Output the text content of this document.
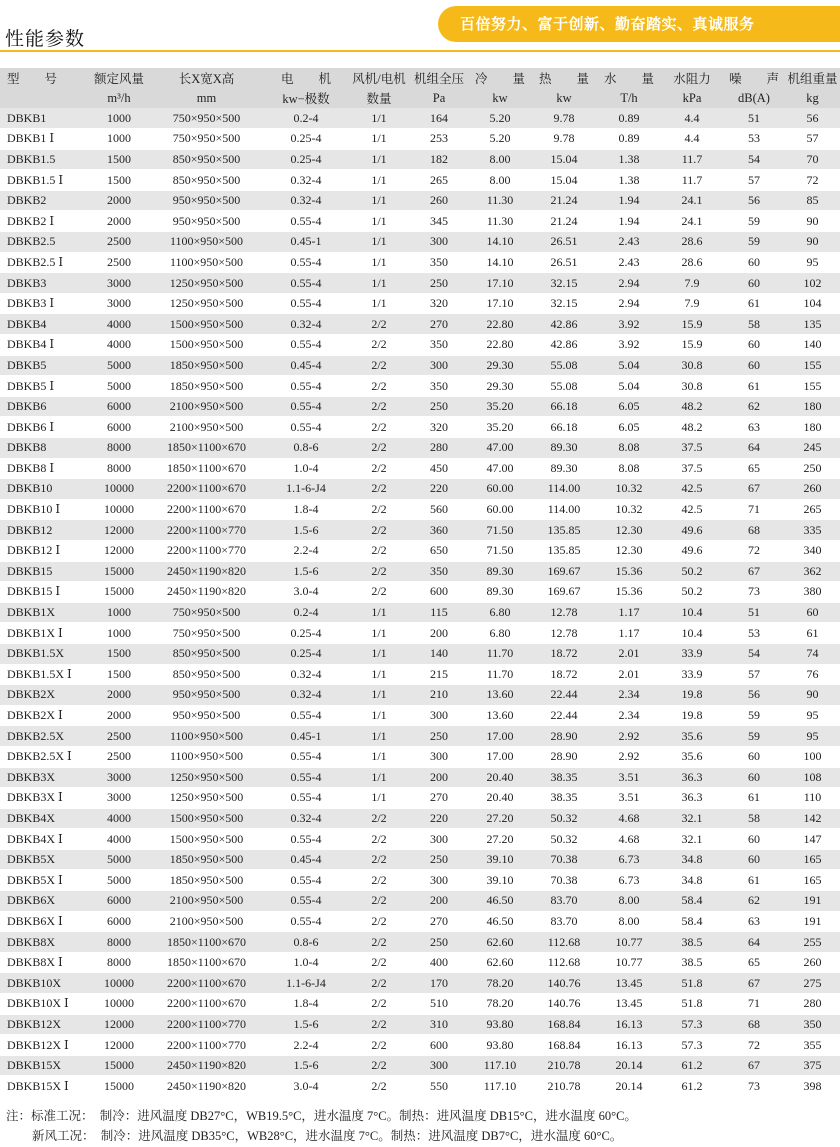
性能参数
百倍努力、富于创新、勤奋踏实、真诚服务
型　　号	额定风量	长X宽X高	电　　机	风机/电机	机组全压	冷　　量	热　　量	水　　量	水阻力	噪　　声	机组重量
	m³/h	mm	kw−极数	数量	Pa	kw	kw	T/h	kPa	dB(A)	kg
DBKB1	1000	750×950×500	0.2-4	1/1	164	5.20	9.78	0.89	4.4	51	56
DBKB1 Ⅰ	1000	750×950×500	0.25-4	1/1	253	5.20	9.78	0.89	4.4	53	57
DBKB1.5	1500	850×950×500	0.25-4	1/1	182	8.00	15.04	1.38	11.7	54	70
DBKB1.5 Ⅰ	1500	850×950×500	0.32-4	1/1	265	8.00	15.04	1.38	11.7	57	72
DBKB2	2000	950×950×500	0.32-4	1/1	260	11.30	21.24	1.94	24.1	56	85
DBKB2 Ⅰ	2000	950×950×500	0.55-4	1/1	345	11.30	21.24	1.94	24.1	59	90
DBKB2.5	2500	1100×950×500	0.45-1	1/1	300	14.10	26.51	2.43	28.6	59	90
DBKB2.5 Ⅰ	2500	1100×950×500	0.55-4	1/1	350	14.10	26.51	2.43	28.6	60	95
DBKB3	3000	1250×950×500	0.55-4	1/1	250	17.10	32.15	2.94	7.9	60	102
DBKB3 Ⅰ	3000	1250×950×500	0.55-4	1/1	320	17.10	32.15	2.94	7.9	61	104
DBKB4	4000	1500×950×500	0.32-4	2/2	270	22.80	42.86	3.92	15.9	58	135
DBKB4 Ⅰ	4000	1500×950×500	0.55-4	2/2	350	22.80	42.86	3.92	15.9	60	140
DBKB5	5000	1850×950×500	0.45-4	2/2	300	29.30	55.08	5.04	30.8	60	155
DBKB5 Ⅰ	5000	1850×950×500	0.55-4	2/2	350	29.30	55.08	5.04	30.8	61	155
DBKB6	6000	2100×950×500	0.55-4	2/2	250	35.20	66.18	6.05	48.2	62	180
DBKB6 Ⅰ	6000	2100×950×500	0.55-4	2/2	320	35.20	66.18	6.05	48.2	63	180
DBKB8	8000	1850×1100×670	0.8-6	2/2	280	47.00	89.30	8.08	37.5	64	245
DBKB8 Ⅰ	8000	1850×1100×670	1.0-4	2/2	450	47.00	89.30	8.08	37.5	65	250
DBKB10	10000	2200×1100×670	1.1-6-J4	2/2	220	60.00	114.00	10.32	42.5	67	260
DBKB10 Ⅰ	10000	2200×1100×670	1.8-4	2/2	560	60.00	114.00	10.32	42.5	71	265
DBKB12	12000	2200×1100×770	1.5-6	2/2	360	71.50	135.85	12.30	49.6	68	335
DBKB12 Ⅰ	12000	2200×1100×770	2.2-4	2/2	650	71.50	135.85	12.30	49.6	72	340
DBKB15	15000	2450×1190×820	1.5-6	2/2	350	89.30	169.67	15.36	50.2	67	362
DBKB15 Ⅰ	15000	2450×1190×820	3.0-4	2/2	600	89.30	169.67	15.36	50.2	73	380
DBKB1X	1000	750×950×500	0.2-4	1/1	115	6.80	12.78	1.17	10.4	51	60
DBKB1X Ⅰ	1000	750×950×500	0.25-4	1/1	200	6.80	12.78	1.17	10.4	53	61
DBKB1.5X	1500	850×950×500	0.25-4	1/1	140	11.70	18.72	2.01	33.9	54	74
DBKB1.5X Ⅰ	1500	850×950×500	0.32-4	1/1	215	11.70	18.72	2.01	33.9	57	76
DBKB2X	2000	950×950×500	0.32-4	1/1	210	13.60	22.44	2.34	19.8	56	90
DBKB2X Ⅰ	2000	950×950×500	0.55-4	1/1	300	13.60	22.44	2.34	19.8	59	95
DBKB2.5X	2500	1100×950×500	0.45-1	1/1	250	17.00	28.90	2.92	35.6	59	95
DBKB2.5X Ⅰ	2500	1100×950×500	0.55-4	1/1	300	17.00	28.90	2.92	35.6	60	100
DBKB3X	3000	1250×950×500	0.55-4	1/1	200	20.40	38.35	3.51	36.3	60	108
DBKB3X Ⅰ	3000	1250×950×500	0.55-4	1/1	270	20.40	38.35	3.51	36.3	61	110
DBKB4X	4000	1500×950×500	0.32-4	2/2	220	27.20	50.32	4.68	32.1	58	142
DBKB4X Ⅰ	4000	1500×950×500	0.55-4	2/2	300	27.20	50.32	4.68	32.1	60	147
DBKB5X	5000	1850×950×500	0.45-4	2/2	250	39.10	70.38	6.73	34.8	60	165
DBKB5X Ⅰ	5000	1850×950×500	0.55-4	2/2	300	39.10	70.38	6.73	34.8	61	165
DBKB6X	6000	2100×950×500	0.55-4	2/2	200	46.50	83.70	8.00	58.4	62	191
DBKB6X Ⅰ	6000	2100×950×500	0.55-4	2/2	270	46.50	83.70	8.00	58.4	63	191
DBKB8X	8000	1850×1100×670	0.8-6	2/2	250	62.60	112.68	10.77	38.5	64	255
DBKB8X Ⅰ	8000	1850×1100×670	1.0-4	2/2	400	62.60	112.68	10.77	38.5	65	260
DBKB10X	10000	2200×1100×670	1.1-6-J4	2/2	170	78.20	140.76	13.45	51.8	67	275
DBKB10X Ⅰ	10000	2200×1100×670	1.8-4	2/2	510	78.20	140.76	13.45	51.8	71	280
DBKB12X	12000	2200×1100×770	1.5-6	2/2	310	93.80	168.84	16.13	57.3	68	350
DBKB12X Ⅰ	12000	2200×1100×770	2.2-4	2/2	600	93.80	168.84	16.13	57.3	72	355
DBKB15X	15000	2450×1190×820	1.5-6	2/2	300	117.10	210.78	20.14	61.2	67	375
DBKB15X Ⅰ	15000	2450×1190×820	3.0-4	2/2	550	117.10	210.78	20.14	61.2	73	398
注：标准工况：　制冷：进风温度 DB27°C，WB19.5°C，进水温度 7°C。制热：进风温度 DB15°C，进水温度 60°C。
新风工况：　制冷：进风温度 DB35°C，WB28°C，进水温度 7°C。制热：进风温度 DB7°C，进水温度 60°C。
